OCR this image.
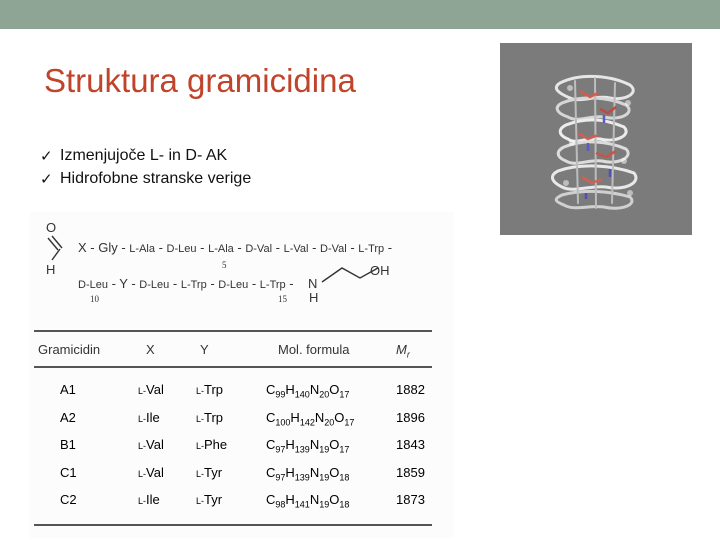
Struktura gramicidina
✓ Izmenjujoče L- in D- AK
✓ Hidrofobne stranske verige
O
H
X - Gly - L-Ala - D-Leu - L-Ala - D-Val - L-Val - D-Val - L-Trp -
5
D-Leu - Y - D-Leu - L-Trp - D-Leu - L-Trp -
10	15
N
H
OH
Gramicidin	X	Y	Mol. formula	$M_r$
A1	L-Val	L-Trp	$C_{99}H_{140}N_{20}O_{17}$	1882
A2	L-Ile	L-Trp	$C_{100}H_{142}N_{20}O_{17}$	1896
B1	L-Val	L-Phe	$C_{97}H_{139}N_{19}O_{17}$	1843
C1	L-Val	L-Tyr	$C_{97}H_{139}N_{19}O_{18}$	1859
C2	L-Ile	L-Tyr	$C_{98}H_{141}N_{19}O_{18}$	1873
